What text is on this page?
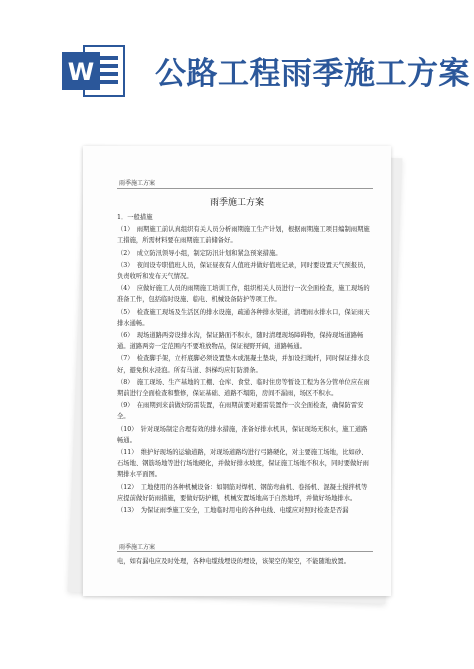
W 公路工程雨季施工方案
雨季施工方案
雨季施工方案

1．一般措施

（1）　雨期施工前认真组织有关人员分析雨期施工生产计划，根据雨期施工项目编制雨期施工措施，所需材料要在雨期施工前储备好。

（2）　成立防汛领导小组，制定防汛计划和紧急预案措施。

（3）　夜间设专职值班人员，保证昼夜有人值班并做好值班记录，同时要设置天气预报员，负责收听和发布天气情况。

（4）　应做好施工人员的雨期施工培训工作，组织相关人员进行一次全面检查，施工现场的准备工作，包括临时设施、临电、机械设备防护等项工作。

（5）　检查施工现场及生活区的排水设施，疏通各种排水渠道，清理雨水排水口，保证雨天排水通畅。

（6）　现场道路两旁设排水沟，保证路面不积水，随时清理现场障碍物，保持现场道路畅通。道路两旁一定范围内不要堆放物品，保证视野开阔，道路畅通。

（7）　检查脚手架，立杆底脚必须设置垫木或混凝土垫块，并加设扫地杆，同时保证排水良好，避免积水浸泡。所有马道、斜梯均应钉防滑条。

（8）　施工现场、生产基地的工棚、仓库、食堂、临时住房等暂设工程为各分管单位应在雨期前进行全面检查和整修，保证基础、道路不塌陷，房间不漏雨，场区不积水。

（9）　在雨期到来前做好防雷装置，在雨期前要对避雷装置作一次全面检查，确保防雷安全。

（10）　针对现场制定合理有效的排水措施，准备好排水机具，保证现场无积水，施工道路畅通。

（11）　维护好现场的运输道路，对现场道路均进行弓路硬化，对主要施工场地，比如砂、石场地、钢筋场地等进行场地硬化，并做好排水坡度，保证施工场地不积水，同时要做好雨期排水平面图。

（12）　工地使用的各种机械设备：如钢筋对焊机、钢筋弯曲机、卷扬机、混凝土搅拌机等应提前做好防雨措施，要做好防护棚，机械安置场地高于自然地坪，并做好场地排水。

（13）　为保证雨季施工安全，工地临时用电的各种电线、电缆应对照时检查是否漏

雨季施工方案
电，如有漏电应及时处理，各种电缆线埋设的埋设，该架空的架空，不能随地放置。
